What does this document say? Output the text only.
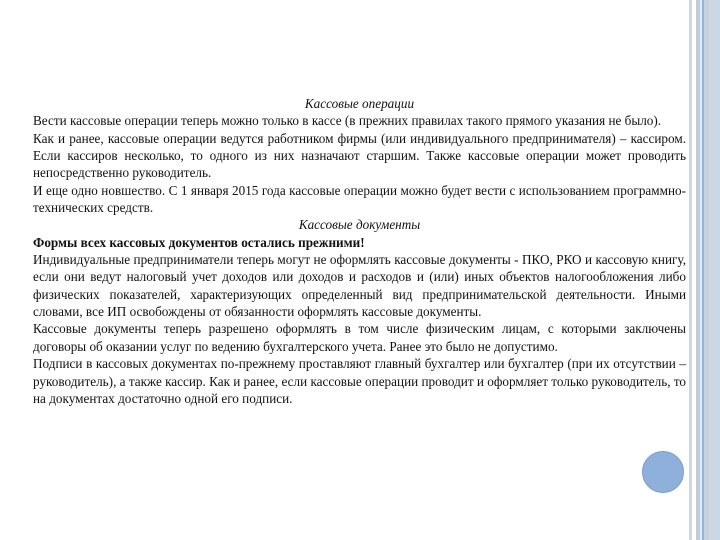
Кассовые операции

Вести кассовые операции теперь можно только в кассе (в прежних правилах такого прямого указания не было).

Как и ранее, кассовые операции ведутся работником фирмы (или индивидуального предпринимателя) – кассиром. Если кассиров несколько, то одного из них назначают старшим. Также кассовые операции может проводить непосредственно руководитель.

И еще одно новшество. С 1 января 2015 года кассовые операции можно будет вести с использованием программно-технических средств.

Кассовые документы

Формы всех кассовых документов остались прежними!

Индивидуальные предприниматели теперь могут не оформлять кассовые документы - ПКО, РКО и кассовую книгу, если они ведут налоговый учет доходов или доходов и расходов и (или) иных объектов налогообложения либо физических показателей, характеризующих определенный вид предпринимательской деятельности. Иными словами, все ИП освобождены от обязанности оформлять кассовые документы.

Кассовые документы теперь разрешено оформлять в том числе физическим лицам, с которыми заключены договоры об оказании услуг по ведению бухгалтерского учета. Ранее это было не допустимо.

Подписи в кассовых документах по-прежнему проставляют главный бухгалтер или бухгалтер (при их отсутствии – руководитель), а также кассир. Как и ранее, если кассовые операции проводит и оформляет только руководитель, то на документах достаточно одной его подписи.
